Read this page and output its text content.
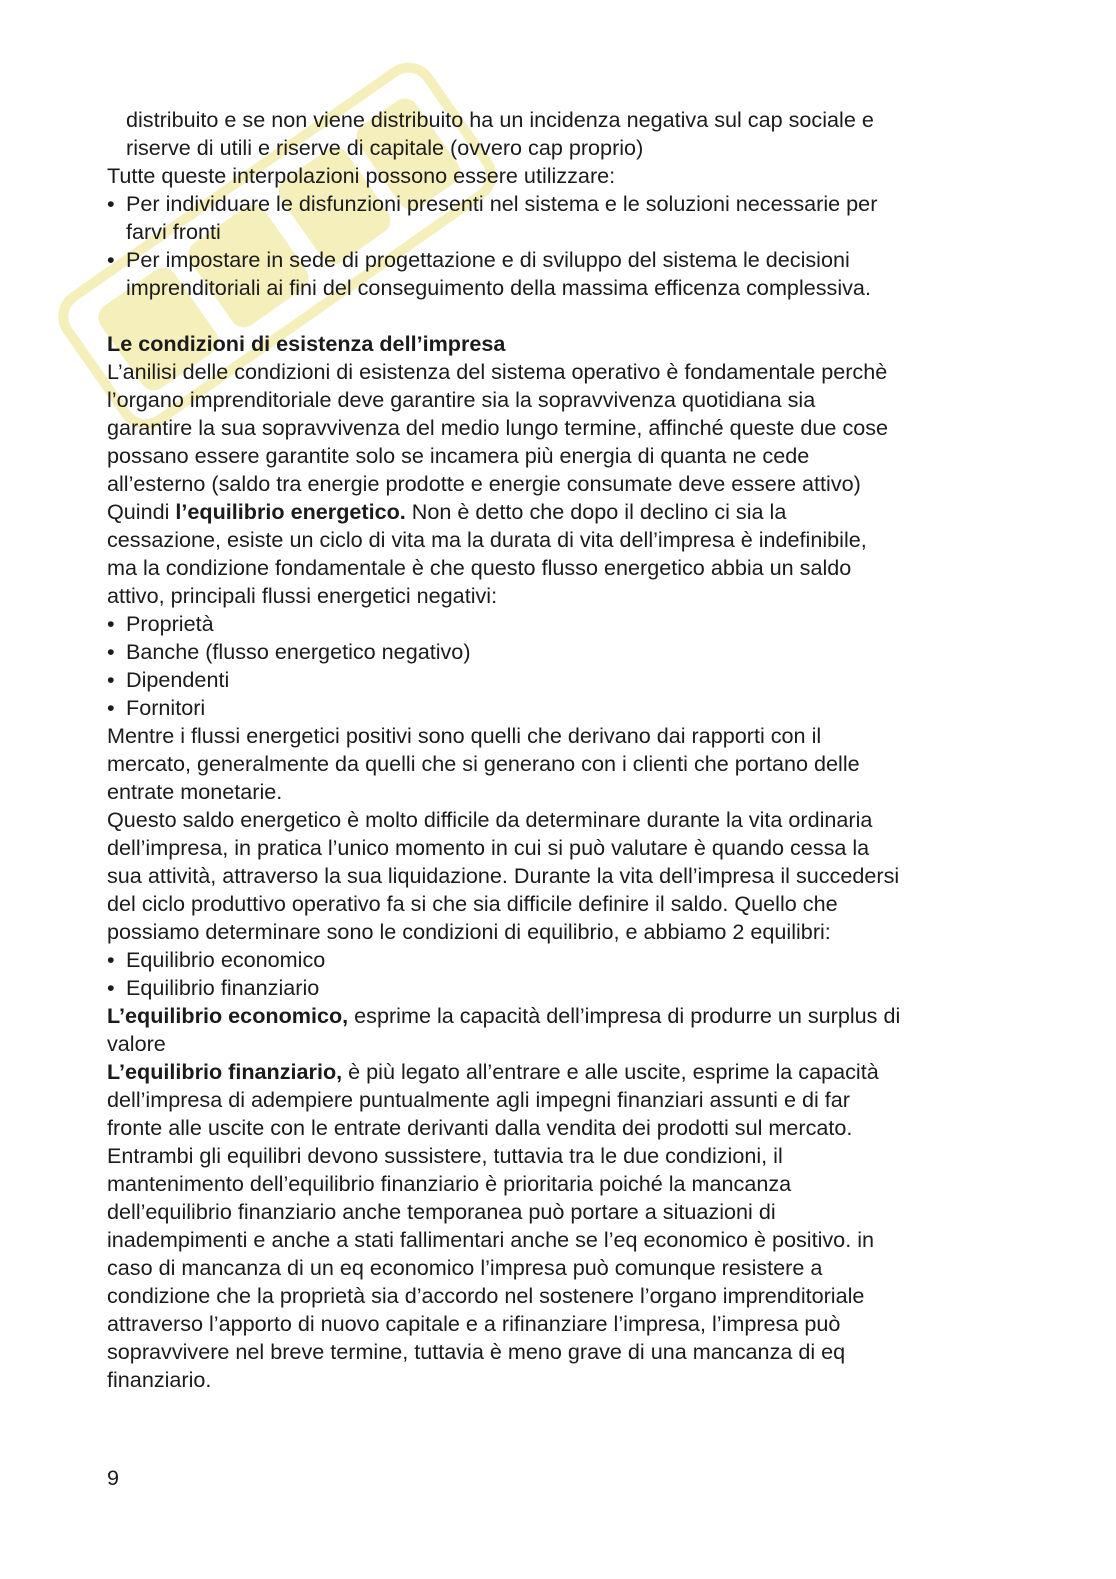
distribuito e se non viene distribuito ha un incidenza negativa sul cap sociale e

riserve di utili e riserve di capitale (ovvero cap proprio)

Tutte queste interpolazioni possono essere utilizzare:

• Per individuare le disfunzioni presenti nel sistema e le soluzioni necessarie per

farvi fronti

• Per impostare in sede di progettazione e di sviluppo del sistema le decisioni

imprenditoriali ai fini del conseguimento della massima efficenza complessiva.

Le condizioni di esistenza dell’impresa

L’anilisi delle condizioni di esistenza del sistema operativo è fondamentale perchè

l’organo imprenditoriale deve garantire sia la sopravvivenza quotidiana sia

garantire la sua sopravvivenza del medio lungo termine, affinché queste due cose

possano essere garantite solo se incamera più energia di quanta ne cede

all’esterno (saldo tra energie prodotte e energie consumate deve essere attivo)

Quindi l’equilibrio energetico. Non è detto che dopo il declino ci sia la

cessazione, esiste un ciclo di vita ma la durata di vita dell’impresa è indefinibile,

ma la condizione fondamentale è che questo flusso energetico abbia un saldo

attivo, principali flussi energetici negativi:

• Proprietà

• Banche (flusso energetico negativo)

• Dipendenti

• Fornitori

Mentre i flussi energetici positivi sono quelli che derivano dai rapporti con il

mercato, generalmente da quelli che si generano con i clienti che portano delle

entrate monetarie.

Questo saldo energetico è molto difficile da determinare durante la vita ordinaria

dell’impresa, in pratica l’unico momento in cui si può valutare è quando cessa la

sua attività, attraverso la sua liquidazione. Durante la vita dell’impresa il succedersi

del ciclo produttivo operativo fa si che sia difficile definire il saldo. Quello che

possiamo determinare sono le condizioni di equilibrio, e abbiamo 2 equilibri:

• Equilibrio economico

• Equilibrio finanziario

L’equilibrio economico, esprime la capacità dell’impresa di produrre un surplus di

valore

L’equilibrio finanziario, è più legato all’entrare e alle uscite, esprime la capacità

dell’impresa di adempiere puntualmente agli impegni finanziari assunti e di far

fronte alle uscite con le entrate derivanti dalla vendita dei prodotti sul mercato.

Entrambi gli equilibri devono sussistere, tuttavia tra le due condizioni, il

mantenimento dell’equilibrio finanziario è prioritaria poiché la mancanza

dell’equilibrio finanziario anche temporanea può portare a situazioni di

inadempimenti e anche a stati fallimentari anche se l’eq economico è positivo. in

caso di mancanza di un eq economico l’impresa può comunque resistere a

condizione che la proprietà sia d’accordo nel sostenere l’organo imprenditoriale

attraverso l’apporto di nuovo capitale e a rifinanziare l’impresa, l’impresa può

sopravvivere nel breve termine, tuttavia è meno grave di una mancanza di eq

finanziario.

9
